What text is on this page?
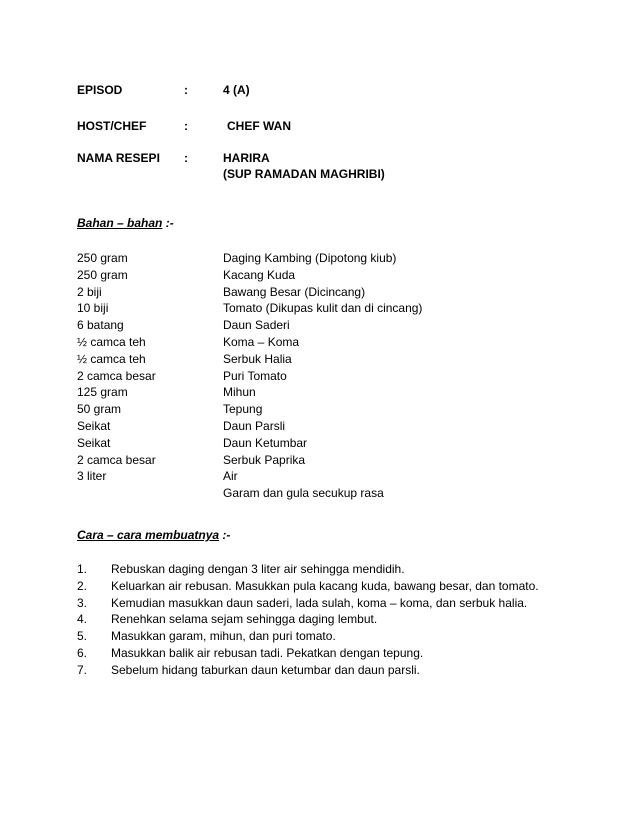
EPISOD	:	4 (A)
HOST/CHEF	:	CHEF WAN
NAMA RESEPI :	HARIRA
(SUP RAMADAN MAGHRIBI)
Bahan – bahan :-
250 gram	Daging Kambing (Dipotong kiub)
250 gram	Kacang Kuda
2 biji	Bawang Besar (Dicincang)
10 biji	Tomato (Dikupas kulit dan di cincang)
6 batang	Daun Saderi
½ camca teh	Koma – Koma
½ camca teh	Serbuk Halia
2 camca besar	Puri Tomato
125 gram	Mihun
50 gram	Tepung
Seikat	Daun Parsli
Seikat	Daun Ketumbar
2 camca besar	Serbuk Paprika
3 liter	Air
Garam dan gula secukup rasa
Cara – cara membuatnya :-
1. Rebuskan daging dengan 3 liter air sehingga mendidih.
2. Keluarkan air rebusan. Masukkan pula kacang kuda, bawang besar, dan tomato.
3. Kemudian masukkan daun saderi, lada sulah, koma – koma, dan serbuk halia.
4. Renehkan selama sejam sehingga daging lembut.
5. Masukkan garam, mihun, dan puri tomato.
6. Masukkan balik air rebusan tadi. Pekatkan dengan tepung.
7. Sebelum hidang taburkan daun ketumbar dan daun parsli.
